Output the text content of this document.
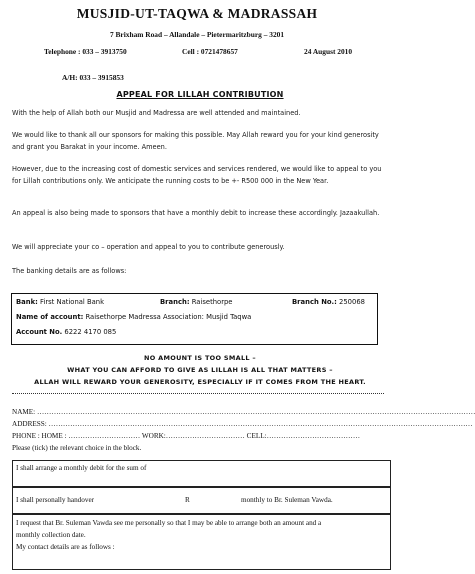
MUSJID-UT-TAQWA & MADRASSAH
7 Brixham Road – Allandale – Pietermaritzburg – 3201
Telephone : 033 – 3913750	Cell : 0721478657	24 August 2010
A/H: 033 – 3915853
APPEAL FOR LILLAH CONTRIBUTION
With the help of Allah both our Musjid and Madressa are well attended and maintained.
We would like to thank all our sponsors for making this possible. May Allah reward you for your kind generosity and grant you Barakat in your income. Ameen.
However, due to the increasing cost of domestic services and services rendered, we would like to appeal to you for Lillah contributions only. We anticipate the running costs to be +- R500 000 in the New Year.
An appeal is also being made to sponsors that have a monthly debit to increase these accordingly. Jazaakullah.
We will appreciate your co – operation and appeal to you to contribute generously.
The banking details are as follows:
Bank: First National Bank	Branch: Raisethorpe	Branch No.: 250068
Name of account: Raisethorpe Madressa Association: Musjid Taqwa
Account No. 6222 4170 085
NO AMOUNT IS TOO SMALL –
WHAT YOU CAN AFFORD TO GIVE AS LILLAH IS ALL THAT MATTERS –
ALLAH WILL REWARD YOUR GENEROSITY, ESPECIALLY IF IT COMES FROM THE HEART.
NAME: …………………………………………………………………………………………………………………………………………………………………
ADDRESS: ……………………………………………………………………………………………………………………………………………………………
PHONE : HOME : ………………………… WORK:…………………………… CELL:…………………………………
Please (tick) the relevant choice in the block.
I shall arrange a monthly debit for the sum of
I shall personally handover	R	monthly to Br. Suleman Vawda.
I request that Br. Suleman Vawda see me personally so that I may be able to arrange both an amount and a
monthly collection date.
My contact details are as follows :
